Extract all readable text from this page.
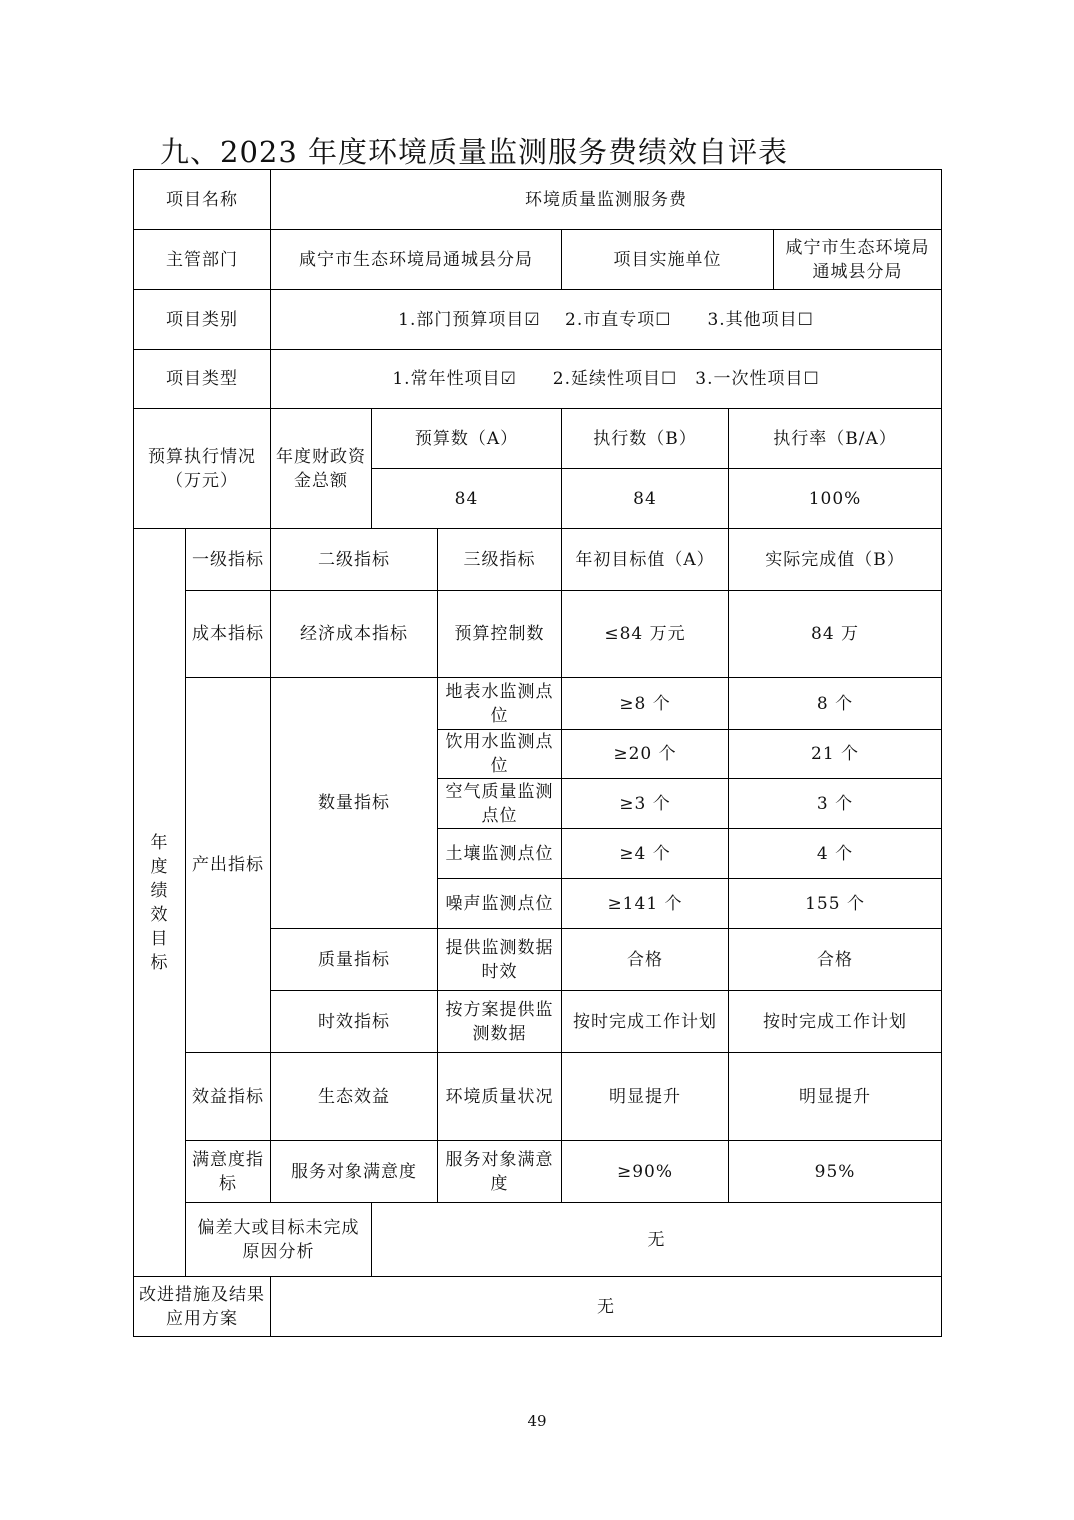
九、2023 年度环境质量监测服务费绩效自评表
项目名称		环境质量监测服务费					
主管部门		咸宁市生态环境局通城县分局			项目实施单位		咸宁市生态环境局通城县分局
项目类别		1.部门预算项目☑　 2.市直专项☐　　3.其他项目☐					
项目类型		1.常年性项目☑　　2.延续性项目☐　3.一次性项目☐					
预算执行情况（万元）		年度财政资金总额	预算数（A）		执行数（B）	执行率（B/A）	
			84		84	100%	

年度绩效目标	一级指标	二级指标		三级指标	年初目标值（A）	实际完成值（B）	
	成本指标	经济成本指标		预算控制数	≤84 万元	84 万	
	产出指标	数量指标		地表水监测点位	≥8 个	8 个	
				饮用水监测点位	≥20 个	21 个	
				空气质量监测点位	≥3 个	3 个	
				土壤监测点位	≥4 个	4 个	
				噪声监测点位	≥141 个	155 个	
		质量指标		提供监测数据时效	合格	合格	
		时效指标		按方案提供监测数据	按时完成工作计划	按时完成工作计划	
	效益指标	生态效益		环境质量状况	明显提升	明显提升	
	满意度指　标	服务对象满意度		服务对象满意度	≥90%	95%	
	偏差大或目标未完成原因分析		无				
改进措施及结果应用方案		无					
49
